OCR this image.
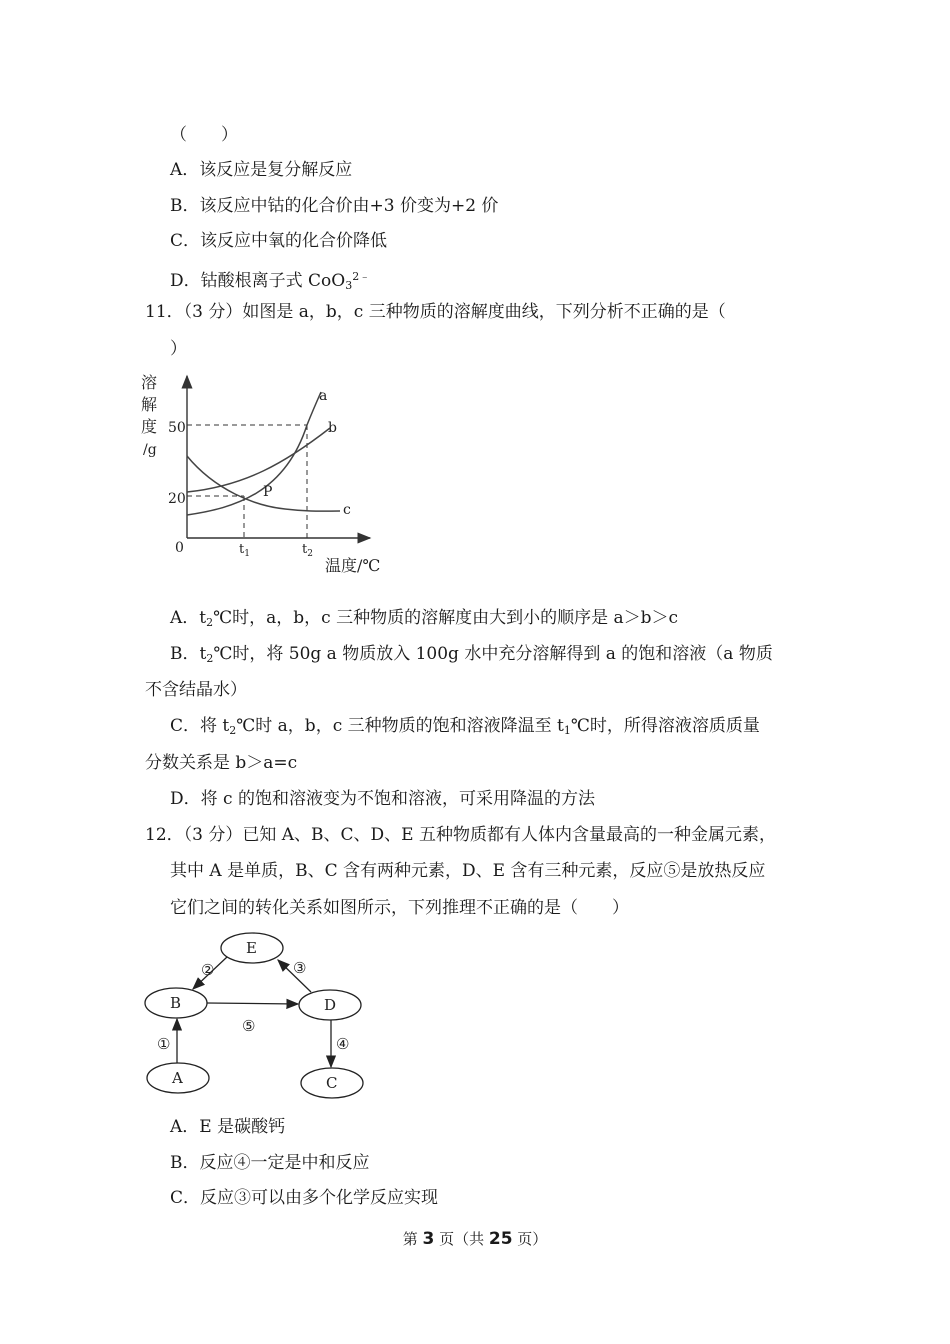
（　　）
A．该反应是复分解反应
B．该反应中钴的化合价由+3 价变为+2 价
C．该反应中氧的化合价降低
D．钴酸根离子式 CoO$_3^{2﹣}$
11．（3 分）如图是 a，b，c 三种物质的溶解度曲线，下列分析不正确的是（
）
溶
解
度
/g
50
20
0	$t_1$	$t_2$
温度/℃
a
b
c
P
A．$t_2℃$时，a，b，c 三种物质的溶解度由大到小的顺序是 a＞b＞c
B．$t_2℃$时，将 50g a 物质放入 100g 水中充分溶解得到 a 的饱和溶液（a 物质
不含结晶水）
C．将 $t_2℃$时 a，b，c 三种物质的饱和溶液降温至 $t_1℃$时，所得溶液溶质质量
分数关系是 b＞a=c
D．将 c 的饱和溶液变为不饱和溶液，可采用降温的方法
12．（3 分）已知 A、B、C、D、E 五种物质都有人体内含量最高的一种金属元素，
其中 A 是单质，B、C 含有两种元素，D、E 含有三种元素，反应⑤是放热反应
它们之间的转化关系如图所示，下列推理不正确的是（　　）
E
B	D
A	C
②	③
⑤
①	④
A．E 是碳酸钙
B．反应④一定是中和反应
C．反应③可以由多个化学反应实现
第 3 页（共 25 页）
